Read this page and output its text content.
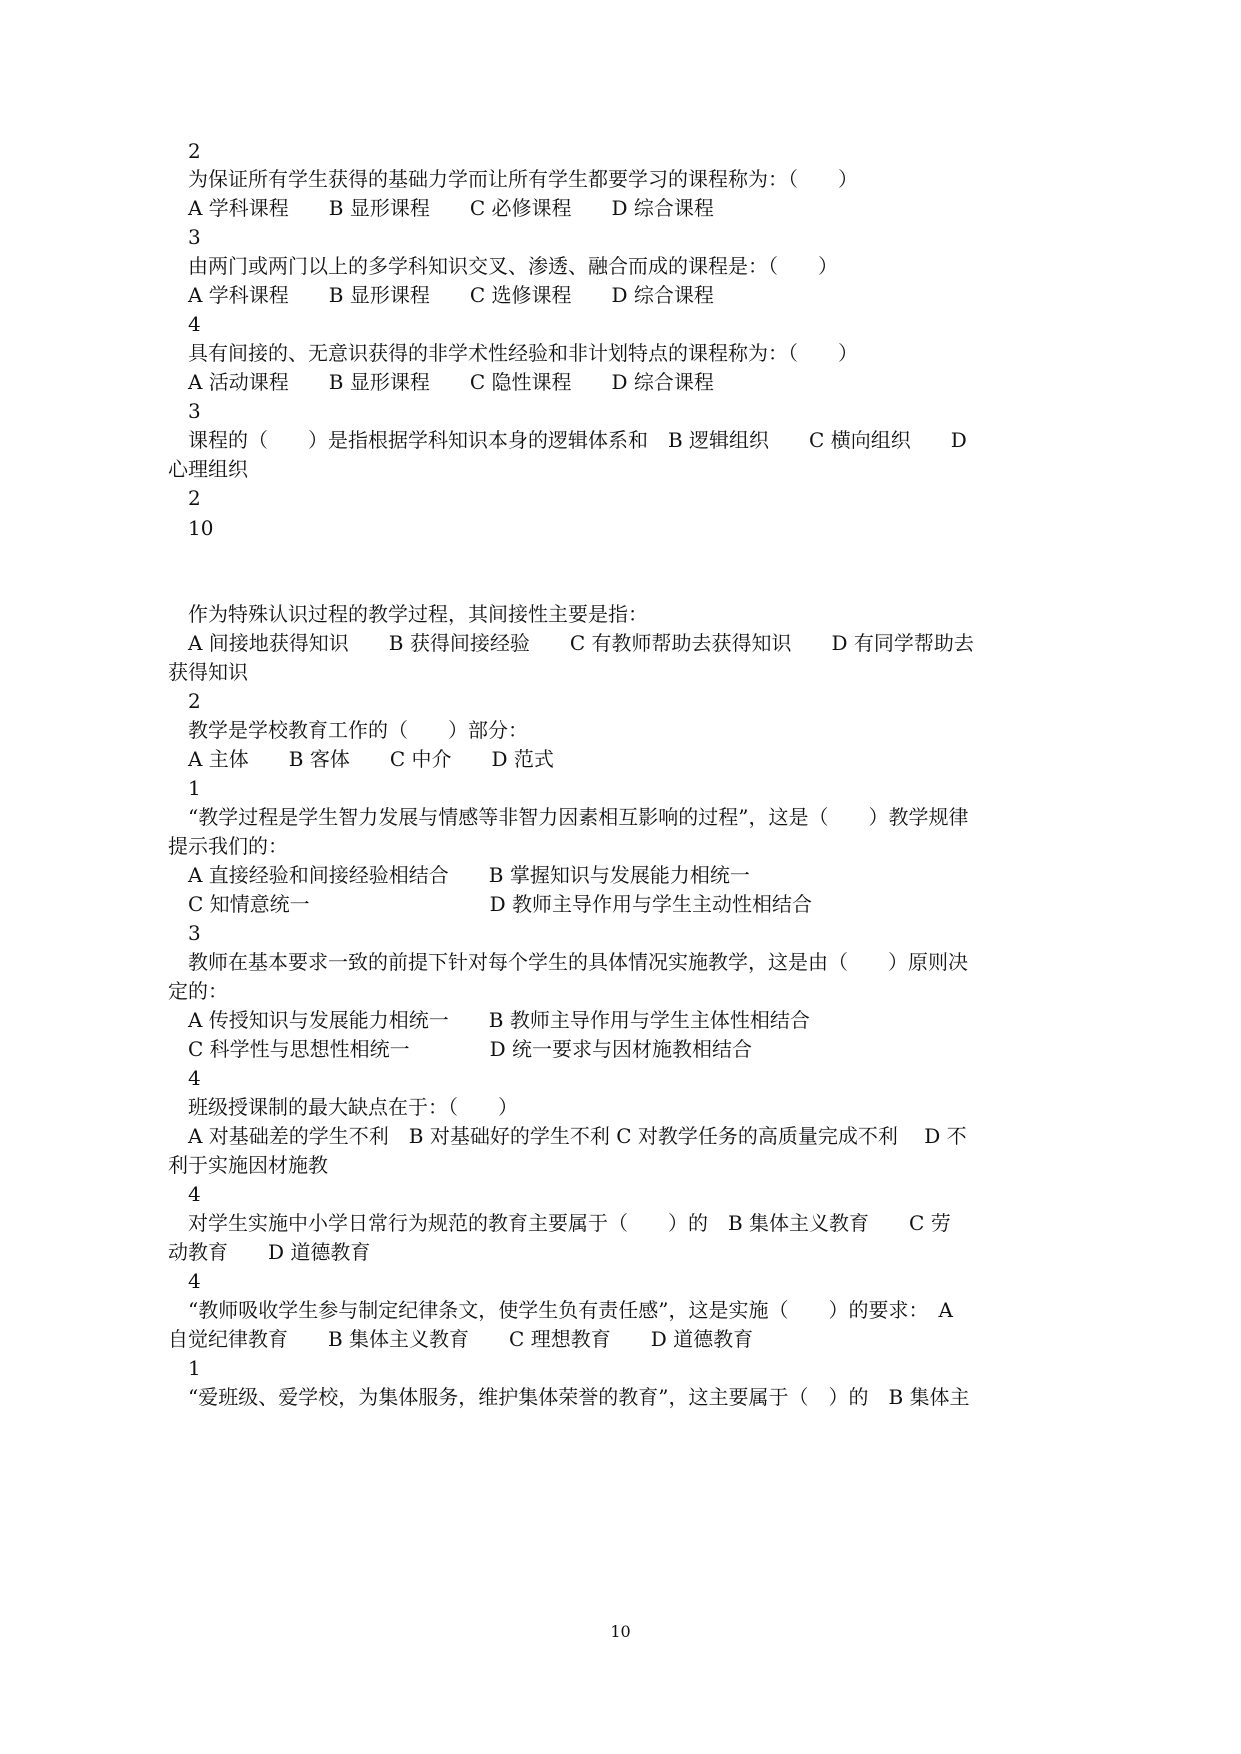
2
为保证所有学生获得的基础力学而让所有学生都要学习的课程称为：（　　）
A 学科课程　　B 显形课程　　C 必修课程　　D 综合课程
3
由两门或两门以上的多学科知识交叉、渗透、融合而成的课程是：（　　）
A 学科课程　　B 显形课程　　C 选修课程　　D 综合课程
4
具有间接的、无意识获得的非学术性经验和非计划特点的课程称为：（　　）
A 活动课程　　B 显形课程　　C 隐性课程　　D 综合课程
3
课程的（　　）是指根据学科知识本身的逻辑体系和　B 逻辑组织　　C 横向组织　　D
心理组织
2
10
作为特殊认识过程的教学过程，其间接性主要是指：
A 间接地获得知识　　B 获得间接经验　　C 有教师帮助去获得知识　　D 有同学帮助去
获得知识
2
教学是学校教育工作的（　　）部分：
A 主体　　B 客体　　C 中介　　D 范式
1
“教学过程是学生智力发展与情感等非智力因素相互影响的过程”，这是（　　）教学规律
提示我们的：
A 直接经验和间接经验相结合　　B 掌握知识与发展能力相统一
C 知情意统一　　　　　　　　　D 教师主导作用与学生主动性相结合
3
教师在基本要求一致的前提下针对每个学生的具体情况实施教学，这是由（　　）原则决
定的：
A 传授知识与发展能力相统一　　B 教师主导作用与学生主体性相结合
C 科学性与思想性相统一　　　　D 统一要求与因材施教相结合
4
班级授课制的最大缺点在于：（　　）
A 对基础差的学生不利　B 对基础好的学生不利 C 对教学任务的高质量完成不利　 D 不
利于实施因材施教
4
对学生实施中小学日常行为规范的教育主要属于（　　）的　B 集体主义教育　　C 劳
动教育　　D 道德教育
4
“教师吸收学生参与制定纪律条文，使学生负有责任感”，这是实施（　　）的要求：　A
自觉纪律教育　　B 集体主义教育　　C 理想教育　　D 道德教育
1
“爱班级、爱学校，为集体服务，维护集体荣誉的教育”，这主要属于（　）的　B 集体主
10
